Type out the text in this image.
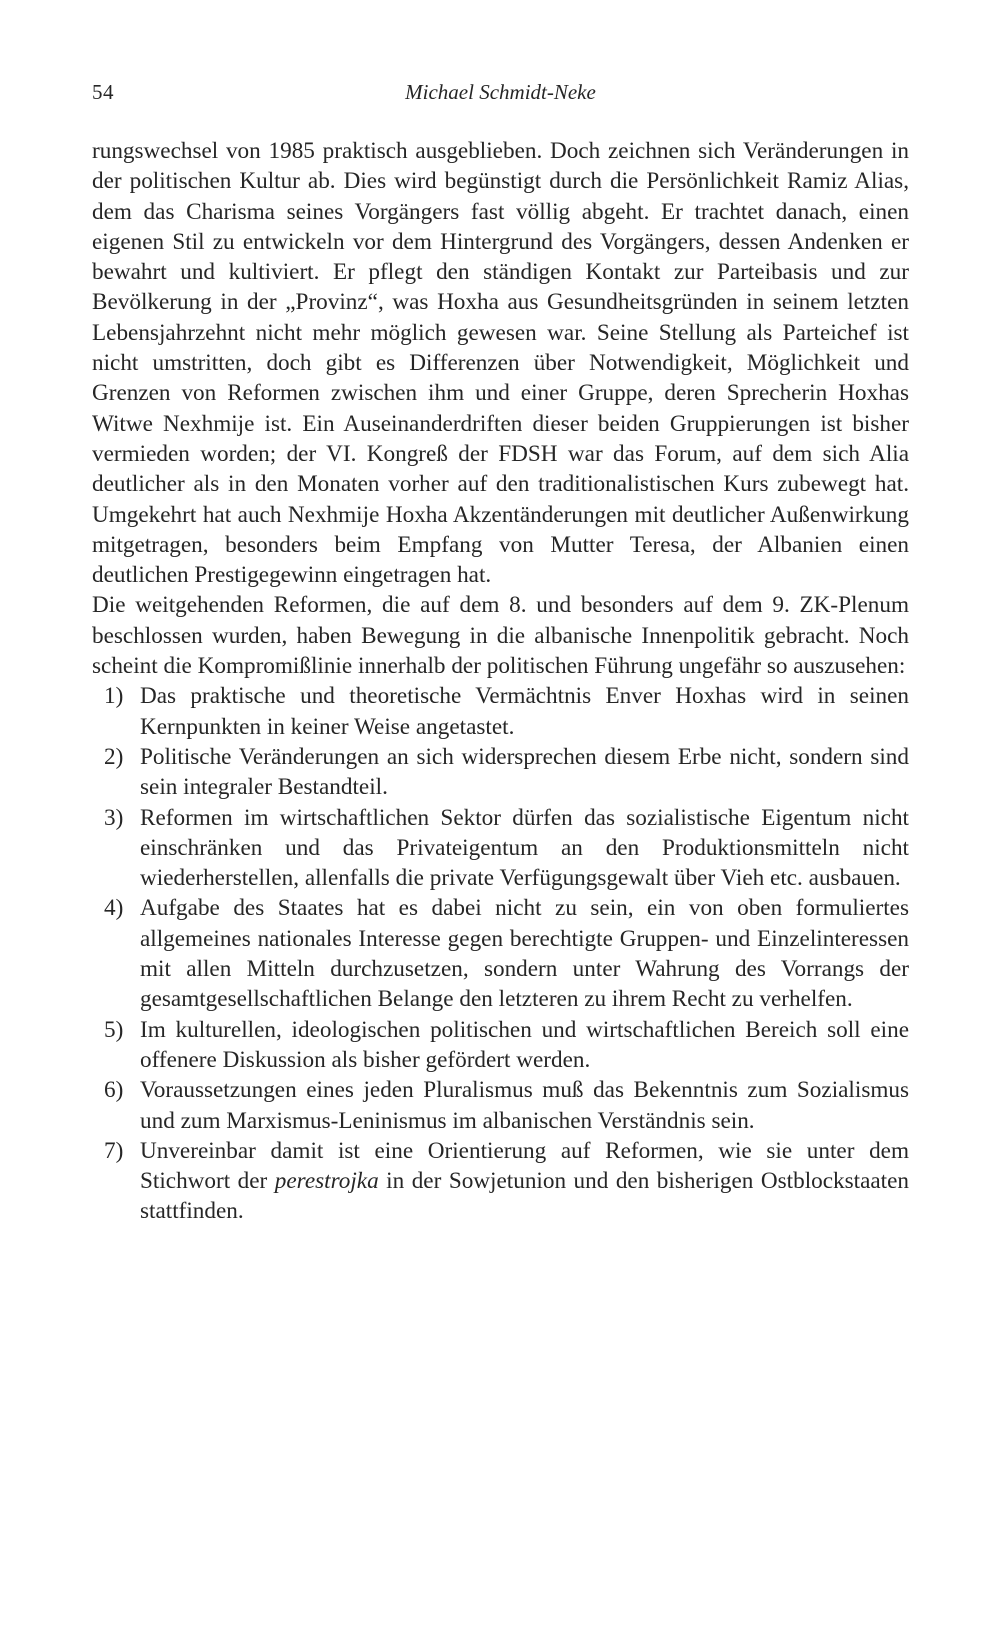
54	Michael Schmidt-Neke

rungswechsel von 1985 praktisch ausgeblieben. Doch zeichnen sich Veränderungen in der politischen Kultur ab. Dies wird begünstigt durch die Persönlichkeit Ramiz Alias, dem das Charisma seines Vorgängers fast völlig abgeht. Er trachtet danach, einen eigenen Stil zu entwickeln vor dem Hintergrund des Vorgängers, dessen Andenken er bewahrt und kultiviert. Er pflegt den ständigen Kontakt zur Parteibasis und zur Bevölkerung in der „Provinz“, was Hoxha aus Gesundheitsgründen in seinem letzten Lebensjahrzehnt nicht mehr möglich gewesen war. Seine Stellung als Parteichef ist nicht umstritten, doch gibt es Differenzen über Notwendigkeit, Möglichkeit und Grenzen von Reformen zwischen ihm und einer Gruppe, deren Sprecherin Hoxhas Witwe Nexhmije ist. Ein Auseinanderdriften dieser beiden Gruppierungen ist bisher vermieden worden; der VI. Kongreß der FDSH war das Forum, auf dem sich Alia deutlicher als in den Monaten vorher auf den traditionalistischen Kurs zubewegt hat. Umgekehrt hat auch Nexhmije Hoxha Akzentänderungen mit deutlicher Außenwirkung mitgetragen, besonders beim Empfang von Mutter Teresa, der Albanien einen deutlichen Prestigegewinn eingetragen hat.

Die weitgehenden Reformen, die auf dem 8. und besonders auf dem 9. ZK-Plenum beschlossen wurden, haben Bewegung in die albanische Innenpolitik gebracht. Noch scheint die Kompromißlinie innerhalb der politischen Führung ungefähr so auszusehen:

1) Das praktische und theoretische Vermächtnis Enver Hoxhas wird in seinen Kernpunkten in keiner Weise angetastet.
2) Politische Veränderungen an sich widersprechen diesem Erbe nicht, sondern sind sein integraler Bestandteil.
3) Reformen im wirtschaftlichen Sektor dürfen das sozialistische Eigentum nicht einschränken und das Privateigentum an den Produktionsmitteln nicht wiederherstellen, allenfalls die private Verfügungsgewalt über Vieh etc. ausbauen.
4) Aufgabe des Staates hat es dabei nicht zu sein, ein von oben formuliertes allgemeines nationales Interesse gegen berechtigte Gruppen- und Einzelinteressen mit allen Mitteln durchzusetzen, sondern unter Wahrung des Vorrangs der gesamtgesellschaftlichen Belange den letzteren zu ihrem Recht zu verhelfen.
5) Im kulturellen, ideologischen politischen und wirtschaftlichen Bereich soll eine offenere Diskussion als bisher gefördert werden.
6) Voraussetzungen eines jeden Pluralismus muß das Bekenntnis zum Sozialismus und zum Marxismus-Leninismus im albanischen Verständnis sein.
7) Unvereinbar damit ist eine Orientierung auf Reformen, wie sie unter dem Stichwort der perestrojka in der Sowjetunion und den bisherigen Ostblockstaaten stattfinden.
